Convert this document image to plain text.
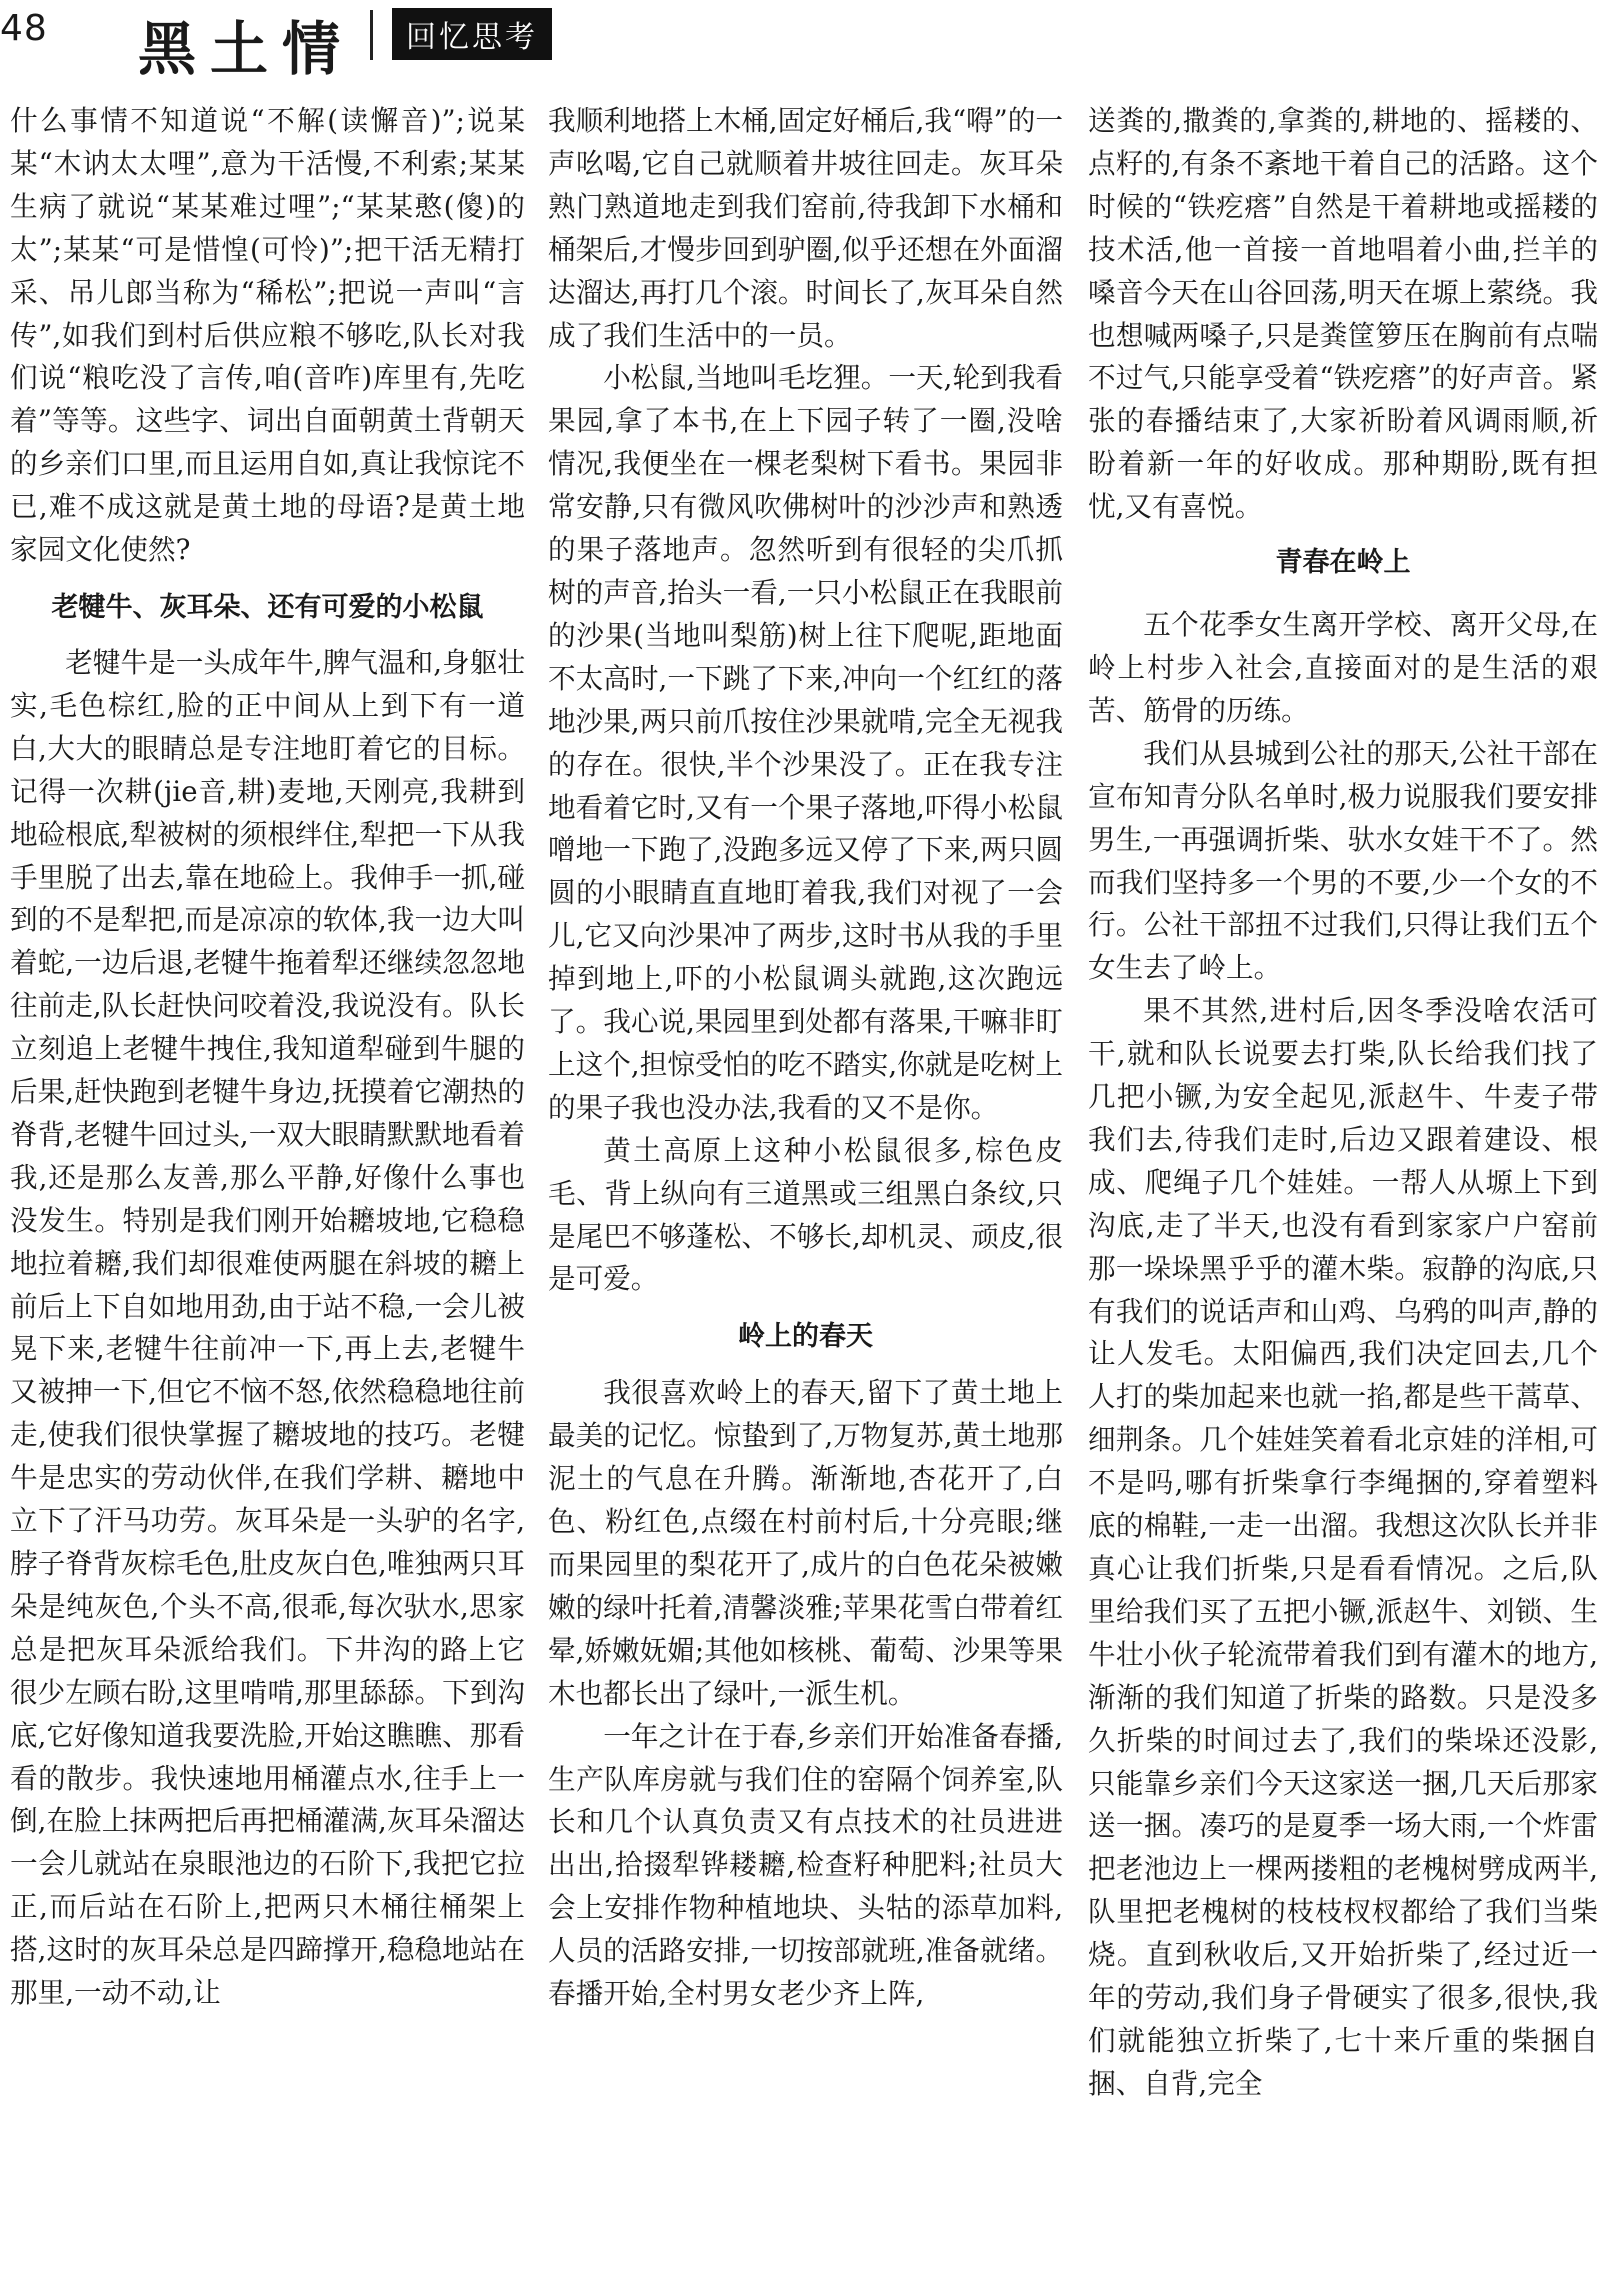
48 黑土情	回忆思考

什么事情不知道说“不解(读懈音)”;说某某“木讷太太哩”,意为干活慢,不利索;某某生病了就说“某某难过哩”;“某某憨(傻)的太”;某某“可是惜惶(可怜)”;把干活无精打采、吊儿郎当称为“稀松”;把说一声叫“言传”,如我们到村后供应粮不够吃,队长对我们说“粮吃没了言传,咱(音咋)库里有,先吃着”等等。这些字、词出自面朝黄土背朝天的乡亲们口里,而且运用自如,真让我惊诧不已,难不成这就是黄土地的母语?是黄土地家园文化使然?

老犍牛、灰耳朵、还有可爱的小松鼠

老犍牛是一头成年牛,脾气温和,身躯壮实,毛色棕红,脸的正中间从上到下有一道白,大大的眼睛总是专注地盯着它的目标。记得一次耕(jie音,耕)麦地,天刚亮,我耕到地硷根底,犁被树的须根绊住,犁把一下从我手里脱了出去,靠在地硷上。我伸手一抓,碰到的不是犁把,而是凉凉的软体,我一边大叫着蛇,一边后退,老犍牛拖着犁还继续忽忽地往前走,队长赶快问咬着没,我说没有。队长立刻追上老犍牛拽住,我知道犁碰到牛腿的后果,赶快跑到老犍牛身边,抚摸着它潮热的脊背,老犍牛回过头,一双大眼睛默默地看着我,还是那么友善,那么平静,好像什么事也没发生。特别是我们刚开始耱坡地,它稳稳地拉着耱,我们却很难使两腿在斜坡的耱上前后上下自如地用劲,由于站不稳,一会儿被晃下来,老犍牛往前冲一下,再上去,老犍牛又被抻一下,但它不恼不怒,依然稳稳地往前走,使我们很快掌握了耱坡地的技巧。老犍牛是忠实的劳动伙伴,在我们学耕、耱地中立下了汗马功劳。灰耳朵是一头驴的名字,脖子脊背灰棕毛色,肚皮灰白色,唯独两只耳朵是纯灰色,个头不高,很乖,每次驮水,思家总是把灰耳朵派给我们。下井沟的路上它很少左顾右盼,这里啃啃,那里舔舔。下到沟底,它好像知道我要洗脸,开始这瞧瞧、那看看的散步。我快速地用桶灌点水,往手上一倒,在脸上抹两把后再把桶灌满,灰耳朵溜达一会儿就站在泉眼池边的石阶下,我把它拉正,而后站在石阶上,把两只木桶往桶架上搭,这时的灰耳朵总是四蹄撑开,稳稳地站在那里,一动不动,让

我顺利地搭上木桶,固定好桶后,我“嘚”的一声吆喝,它自己就顺着井坡往回走。灰耳朵熟门熟道地走到我们窑前,待我卸下水桶和桶架后,才慢步回到驴圈,似乎还想在外面溜达溜达,再打几个滚。时间长了,灰耳朵自然成了我们生活中的一员。

小松鼠,当地叫毛圪狸。一天,轮到我看果园,拿了本书,在上下园子转了一圈,没啥情况,我便坐在一棵老梨树下看书。果园非常安静,只有微风吹佛树叶的沙沙声和熟透的果子落地声。忽然听到有很轻的尖爪抓树的声音,抬头一看,一只小松鼠正在我眼前的沙果(当地叫梨筋)树上往下爬呢,距地面不太高时,一下跳了下来,冲向一个红红的落地沙果,两只前爪按住沙果就啃,完全无视我的存在。很快,半个沙果没了。正在我专注地看着它时,又有一个果子落地,吓得小松鼠噌地一下跑了,没跑多远又停了下来,两只圆圆的小眼睛直直地盯着我,我们对视了一会儿,它又向沙果冲了两步,这时书从我的手里掉到地上,吓的小松鼠调头就跑,这次跑远了。我心说,果园里到处都有落果,干嘛非盯上这个,担惊受怕的吃不踏实,你就是吃树上的果子我也没办法,我看的又不是你。

黄土高原上这种小松鼠很多,棕色皮毛、背上纵向有三道黑或三组黑白条纹,只是尾巴不够蓬松、不够长,却机灵、顽皮,很是可爱。

岭上的春天

我很喜欢岭上的春天,留下了黄土地上最美的记忆。惊蛰到了,万物复苏,黄土地那泥土的气息在升腾。渐渐地,杏花开了,白色、粉红色,点缀在村前村后,十分亮眼;继而果园里的梨花开了,成片的白色花朵被嫩嫩的绿叶托着,清馨淡雅;苹果花雪白带着红晕,娇嫩妩媚;其他如核桃、葡萄、沙果等果木也都长出了绿叶,一派生机。

一年之计在于春,乡亲们开始准备春播,生产队库房就与我们住的窑隔个饲养室,队长和几个认真负责又有点技术的社员进进出出,拾掇犁铧耧耱,检查籽种肥料;社员大会上安排作物种植地块、头牯的添草加料,人员的活路安排,一切按部就班,准备就绪。春播开始,全村男女老少齐上阵,

送粪的,撒粪的,拿粪的,耕地的、摇耧的、点籽的,有条不紊地干着自己的活路。这个时候的“铁疙瘩”自然是干着耕地或摇耧的技术活,他一首接一首地唱着小曲,拦羊的嗓音今天在山谷回荡,明天在塬上萦绕。我也想喊两嗓子,只是粪筐箩压在胸前有点喘不过气,只能享受着“铁疙瘩”的好声音。紧张的春播结束了,大家祈盼着风调雨顺,祈盼着新一年的好收成。那种期盼,既有担忧,又有喜悦。

青春在岭上

五个花季女生离开学校、离开父母,在岭上村步入社会,直接面对的是生活的艰苦、筋骨的历练。

我们从县城到公社的那天,公社干部在宣布知青分队名单时,极力说服我们要安排男生,一再强调折柴、驮水女娃干不了。然而我们坚持多一个男的不要,少一个女的不行。公社干部扭不过我们,只得让我们五个女生去了岭上。

果不其然,进村后,因冬季没啥农活可干,就和队长说要去打柴,队长给我们找了几把小镢,为安全起见,派赵牛、牛麦子带我们去,待我们走时,后边又跟着建设、根成、爬绳子几个娃娃。一帮人从塬上下到沟底,走了半天,也没有看到家家户户窑前那一垛垛黑乎乎的灌木柴。寂静的沟底,只有我们的说话声和山鸡、乌鸦的叫声,静的让人发毛。太阳偏西,我们决定回去,几个人打的柴加起来也就一掐,都是些干蒿草、细荆条。几个娃娃笑着看北京娃的洋相,可不是吗,哪有折柴拿行李绳捆的,穿着塑料底的棉鞋,一走一出溜。我想这次队长并非真心让我们折柴,只是看看情况。之后,队里给我们买了五把小镢,派赵牛、刘锁、生牛壮小伙子轮流带着我们到有灌木的地方,渐渐的我们知道了折柴的路数。只是没多久折柴的时间过去了,我们的柴垛还没影,只能靠乡亲们今天这家送一捆,几天后那家送一捆。凑巧的是夏季一场大雨,一个炸雷把老池边上一棵两搂粗的老槐树劈成两半,队里把老槐树的枝枝杈杈都给了我们当柴烧。直到秋收后,又开始折柴了,经过近一年的劳动,我们身子骨硬实了很多,很快,我们就能独立折柴了,七十来斤重的柴捆自捆、自背,完全
